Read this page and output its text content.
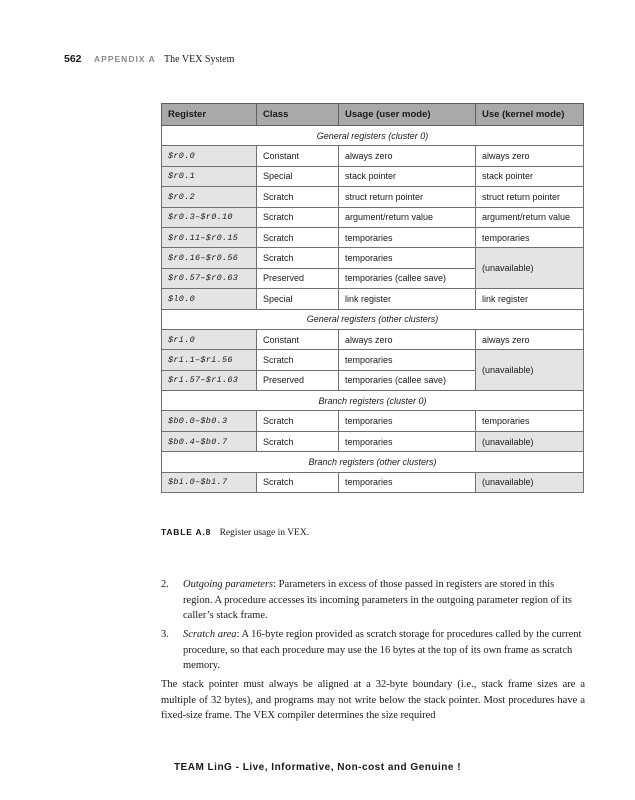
562 APPENDIX A The VEX System
Register	Class	Usage (user mode)	Use (kernel mode)
General registers (cluster 0)			
$r0.0	Constant	always zero	always zero
$r0.1	Special	stack pointer	stack pointer
$r0.2	Scratch	struct return pointer	struct return pointer
$r0.3–$r0.10	Scratch	argument/return value	argument/return value
$r0.11–$r0.15	Scratch	temporaries	temporaries
$r0.16–$r0.56	Scratch	temporaries	(unavailable)
$r0.57–$r0.63	Preserved	temporaries (callee save)	
$l0.0	Special	link register	link register
General registers (other clusters)			
$ri.0	Constant	always zero	always zero
$ri.1–$ri.56	Scratch	temporaries	(unavailable)
$ri.57–$ri.63	Preserved	temporaries (callee save)	
Branch registers (cluster 0)			
$b0.0–$b0.3	Scratch	temporaries	temporaries
$b0.4–$b0.7	Scratch	temporaries	(unavailable)
Branch registers (other clusters)			
$bi.0–$bi.7	Scratch	temporaries	(unavailable)
TABLE A.8 Register usage in VEX.
2. Outgoing parameters: Parameters in excess of those passed in registers are stored in this region. A procedure accesses its incoming parameters in the outgoing parameter region of its caller’s stack frame.
3. Scratch area: A 16-byte region provided as scratch storage for procedures called by the current procedure, so that each procedure may use the 16 bytes at the top of its own frame as scratch memory.
The stack pointer must always be aligned at a 32-byte boundary (i.e., stack frame sizes are a multiple of 32 bytes), and programs may not write below the stack pointer. Most procedures have a fixed-size frame. The VEX compiler determines the size required
TEAM LinG - Live, Informative, Non-cost and Genuine !
